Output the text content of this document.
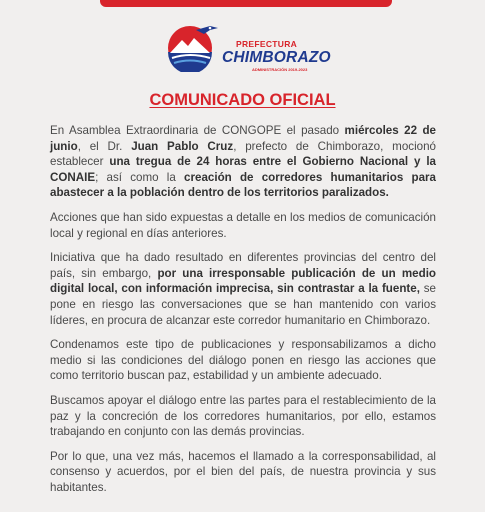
PREFECTURA
CHIMBORAZO
ADMINISTRACIÓN 2019-2023
COMUNICADO OFICIAL

En Asamblea Extraordinaria de CONGOPE el pasado miércoles 22 de junio, el Dr. Juan Pablo Cruz, prefecto de Chimborazo, mocionó establecer una tregua de 24 horas entre el Gobierno Nacional y la CONAIE; así como la creación de corredores humanitarios para abastecer a la población dentro de los territorios paralizados.

Acciones que han sido expuestas a detalle en los medios de comunicación local y regional en días anteriores.

Iniciativa que ha dado resultado en diferentes provincias del centro del país, sin embargo, por una irresponsable publicación de un medio digital local, con información imprecisa, sin contrastar a la fuente, se pone en riesgo las conversaciones que se han mantenido con varios líderes, en procura de alcanzar este corredor humanitario en Chimborazo.

Condenamos este tipo de publicaciones y responsabilizamos a dicho medio si las condiciones del diálogo ponen en riesgo las acciones que como territorio buscan paz, estabilidad y un ambiente adecuado.

Buscamos apoyar el diálogo entre las partes para el restablecimiento de la paz y la concreción de los corredores humanitarios, por ello, estamos trabajando en conjunto con las demás provincias.

Por lo que, una vez más, hacemos el llamado a la corresponsabilidad, al consenso y acuerdos, por el bien del país, de nuestra provincia y sus habitantes.
